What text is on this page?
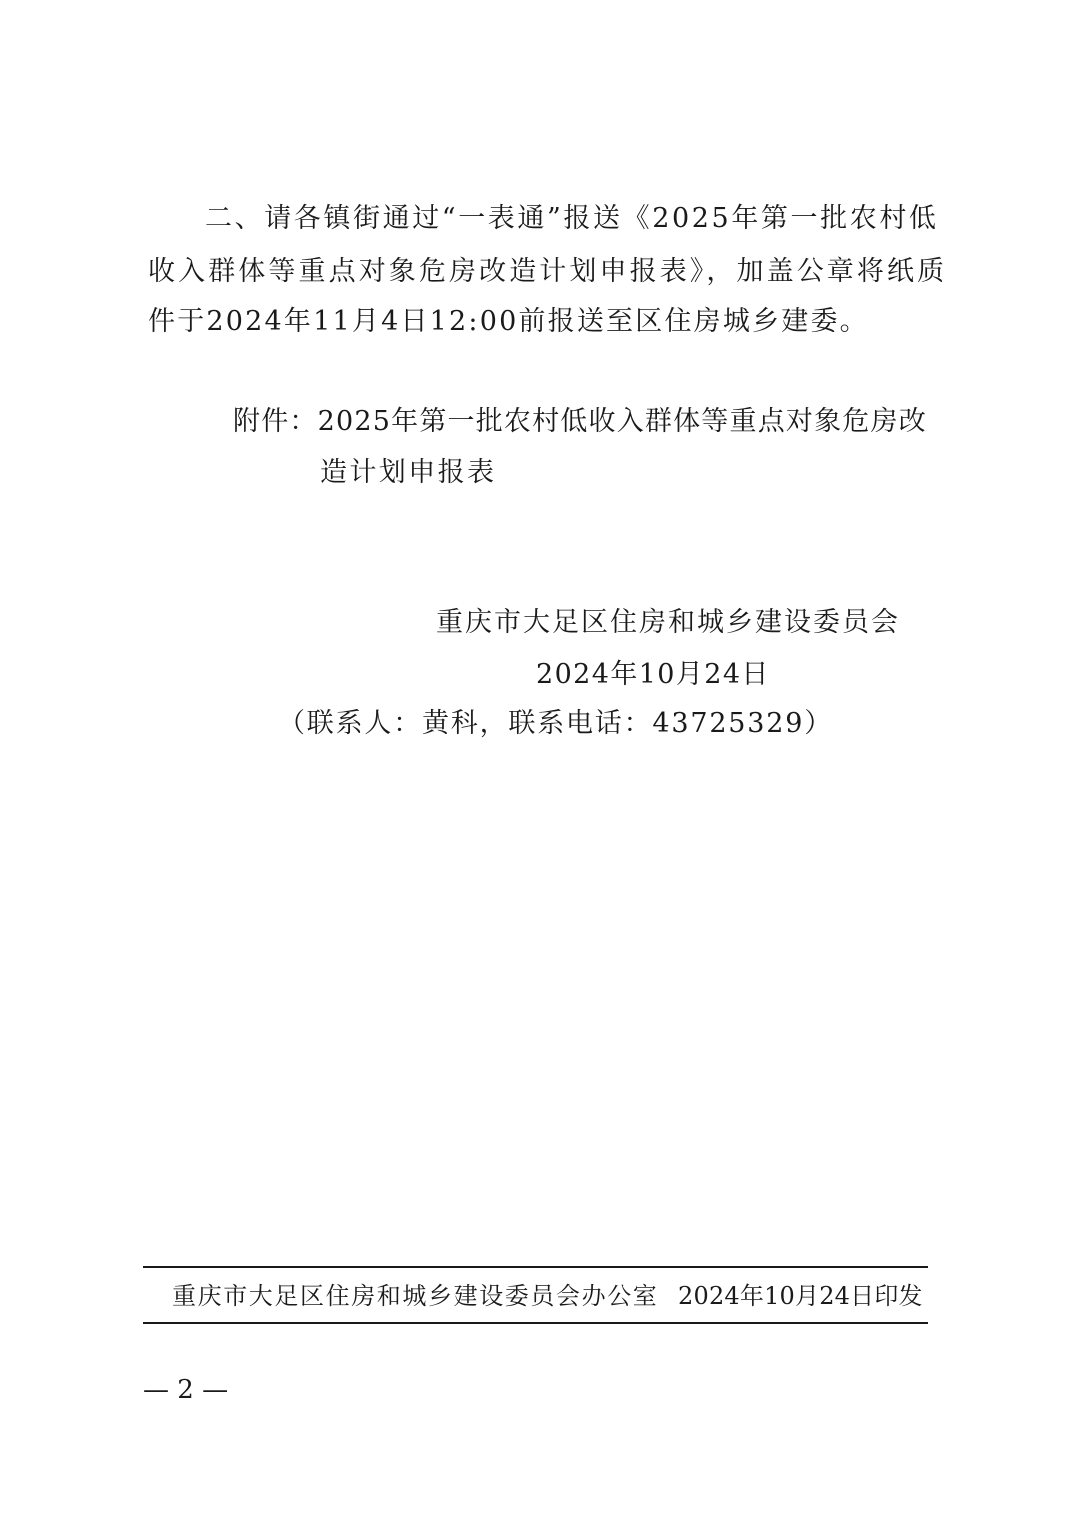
二、请各镇街通过“一表通”报送《2025年第一批农村低
收入群体等重点对象危房改造计划申报表》，加盖公章将纸质
件于2024年11月4日12:00前报送至区住房城乡建委。
附件：2025年第一批农村低收入群体等重点对象危房改
造计划申报表
重庆市大足区住房和城乡建设委员会
2024年10月24日
（联系人：黄科，联系电话：43725329）
重庆市大足区住房和城乡建设委员会办公室 2024年10月24日印发
— 2 —
